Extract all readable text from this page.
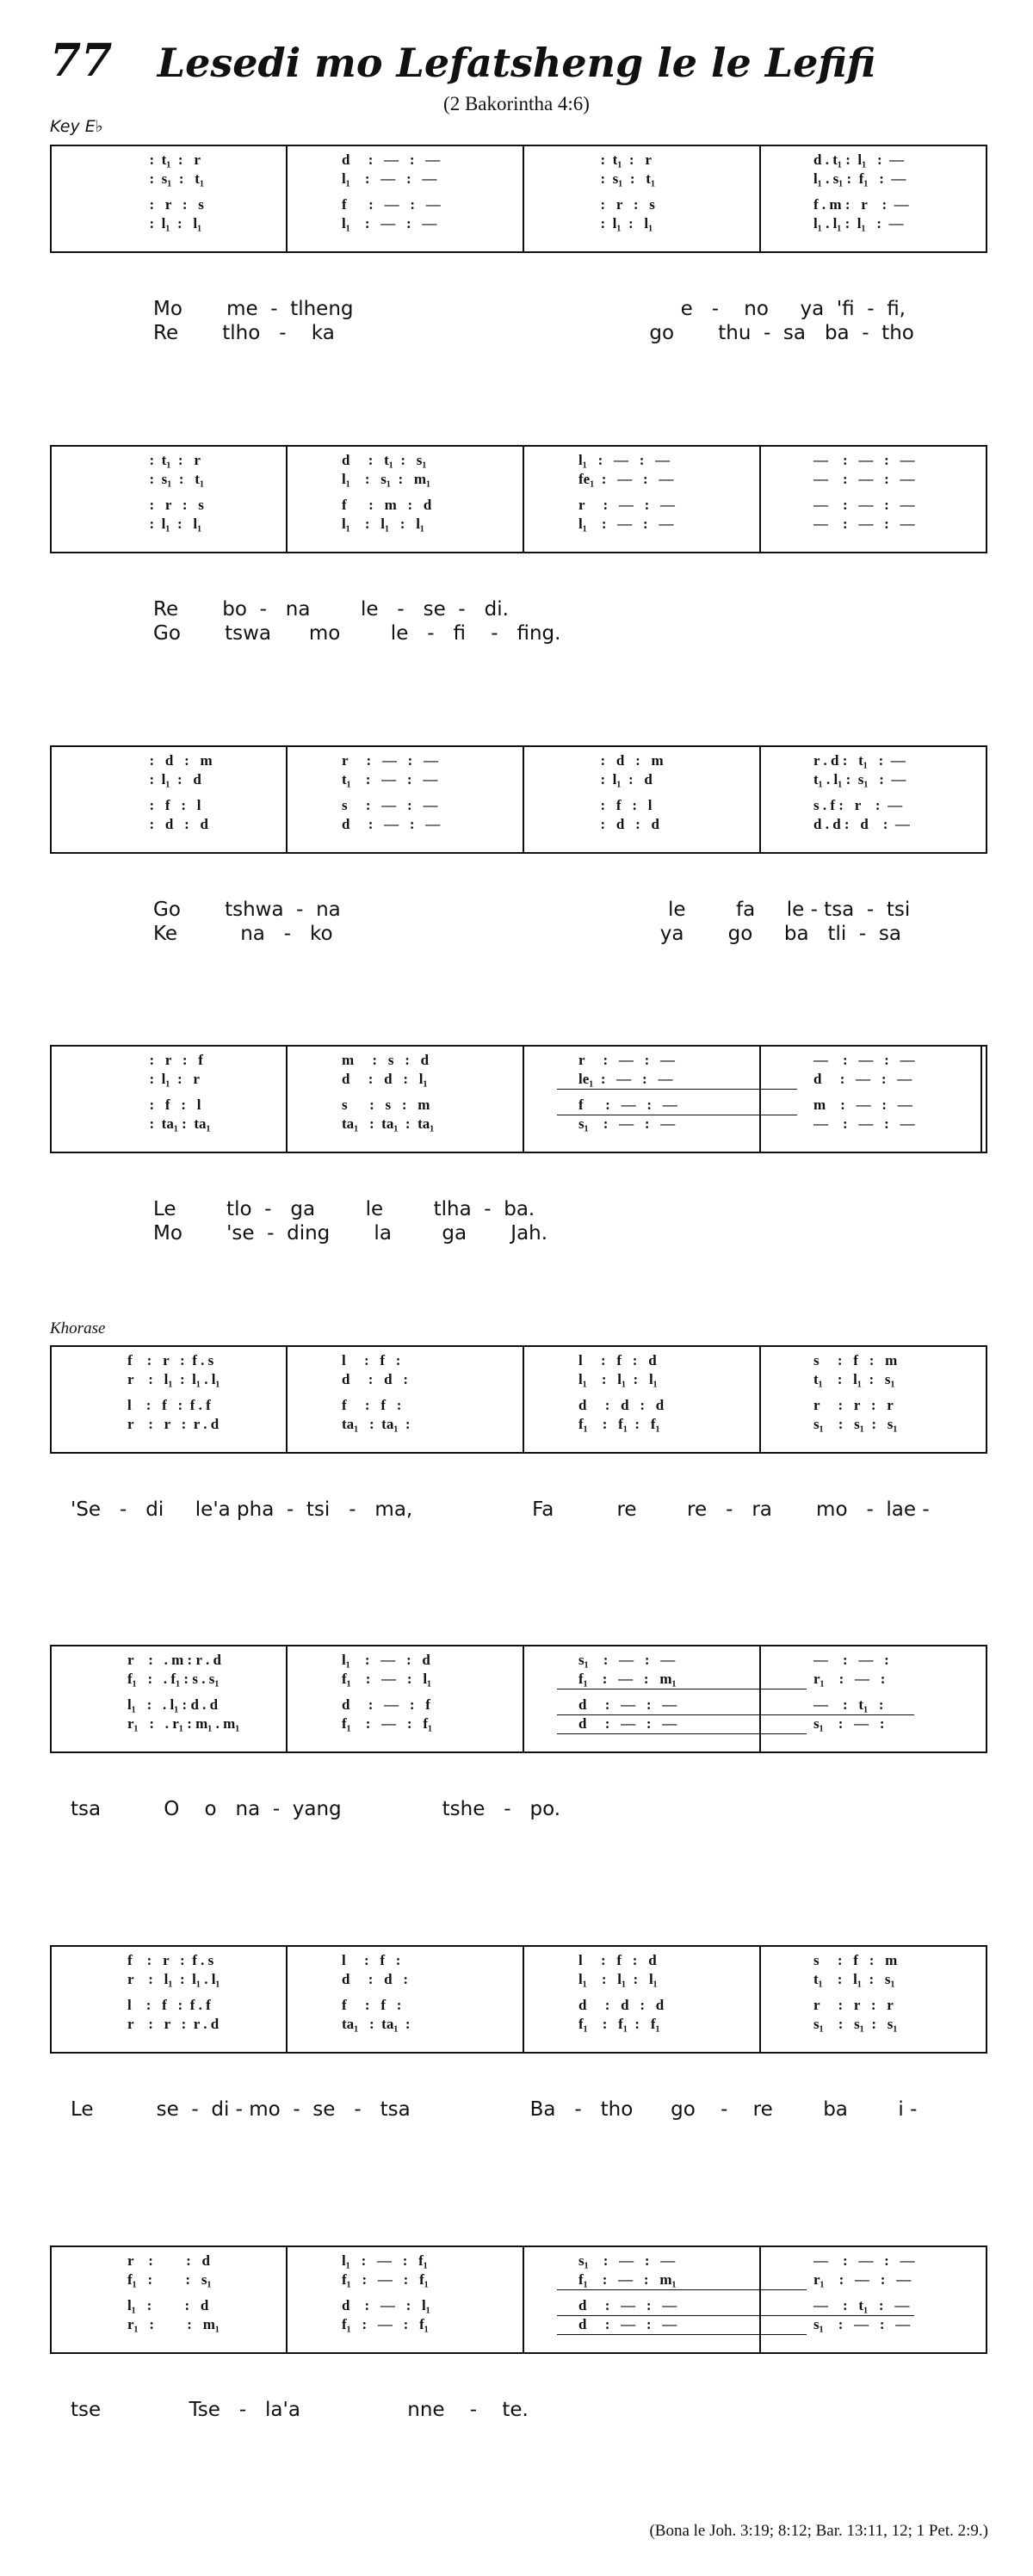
77	Lesedi mo Lefatsheng le le Lefifi
(2 Bakorintha 4:6)
Key E♭
Khorase
:  t₁  :   r
:  s₁  :   t₁
:   r   :   s
:  l₁  :   l₁
d     :   —   :   —
l₁    :   —   :   —
f      :   —   :   —
l₁    :   —   :   —
:  t₁  :   r
:  s₁  :   t₁
:   r   :   s
:  l₁  :   l₁
d . t₁ :  l₁   :  —
l₁ . s₁ :  f₁   :  —
f . m :   r    :  —
l₁ . l₁ :  l₁   :  —
Mo       me  -  tlheng                                                    e   -    no     ya  'fi  -  fi,
Re       tlho   -    ka                                                  go       thu  -  sa   ba  -  tho
:  t₁  :   r
:  s₁  :   t₁
:   r   :   s
:  l₁  :   l₁
d     :   t₁  :   s₁
l₁    :   s₁  :   m₁
f      :   m   :   d
l₁    :   l₁   :   l₁
l₁   :   —   :   —
fe₁  :   —   :   —
r     :   —   :   —
l₁    :   —   :   —
—    :   —   :   —
—    :   —   :   —
—    :   —   :   —
—    :   —   :   —
Re       bo  -   na        le   -   se  -   di.
Go       tswa      mo        le   -   fi    -   fing.
:   d   :   m
:  l₁  :   d
:   f   :   l
:   d   :   d
r     :   —   :   —
t₁    :   —   :   —
s     :   —   :   —
d     :   —   :   —
:   d   :   m
:  l₁  :   d
:   f   :   l
:   d   :   d
r . d :   t₁   :  —
t₁ . l₁ :  s₁   :  —
s . f :   r    :  —
d . d :   d    :  —
Go       tshwa  -  na                                                    le        fa     le - tsa  -  tsi
Ke          na   -   ko                                                    ya       go     ba   tli  -  sa
:   r   :   f
:  l₁  :   r
:   f   :   l
:  ta₁ :  ta₁
m     :   s   :   d
d     :   d   :   l₁
s      :   s   :   m
ta₁   :  ta₁  :  ta₁
r     :   —   :   —
le₁  :   —   :   —
f      :   —   :   —
s₁    :   —   :   —
—    :   —   :   —
d     :   —   :   —
m    :   —   :   —
—    :   —   :   —
Le        tlo  -   ga        le        tlha  -  ba.
Mo       'se  -  ding       la        ga       Jah.
f    :   r   :  f . s
r    :   l₁  :  l₁ . l₁
l    :   f   :  f . f
r    :   r   :  r . d
l     :   f   :
d     :   d   :
f     :   f   :
ta₁   :  ta₁  :
l     :   f   :   d
l₁    :   l₁  :   l₁
d     :   d   :   d
f₁    :   f₁  :   f₁
s     :   f   :   m
t₁    :   l₁  :   s₁
r     :   r   :   r
s₁    :   s₁  :   s₁
'Se   -   di     le'a pha  -  tsi   -   ma,                   Fa          re        re   -   ra       mo   -  lae -
r    :   . m : r . d
f₁   :   . f₁ : s . s₁
l₁   :   . l₁ : d . d
r₁   :   . r₁ : m₁ . m₁
l₁    :   —   :   d
f₁    :   —   :   l₁
d     :   —   :   f
f₁    :   —   :   f₁
s₁    :   —   :   —
f₁    :   —   :   m₁
d     :   —   :   —
d     :   —   :   —
—    :   —   :
r₁    :   —   :
—    :   t₁   :
s₁    :   —   :
tsa          O    o   na  -  yang                tshe   -   po.
f    :   r   :  f . s
r    :   l₁  :  l₁ . l₁
l    :   f   :  f . f
r    :   r   :  r . d
l     :   f   :
d     :   d   :
f     :   f   :
ta₁   :  ta₁  :
l     :   f   :   d
l₁    :   l₁  :   l₁
d     :   d   :   d
f₁    :   f₁  :   f₁
s     :   f   :   m
t₁    :   l₁  :   s₁
r     :   r   :   r
s₁    :   s₁  :   s₁
Le          se  -  di - mo  -  se   -   tsa                   Ba   -   tho      go    -    re        ba        i -
r    :         :   d
f₁   :         :   s₁
l₁   :         :   d
r₁   :         :   m₁
l₁   :   —   :   f₁
f₁   :   —   :   f₁
d    :   —   :   l₁
f₁   :   —   :   f₁
s₁    :   —   :   —
f₁    :   —   :   m₁
d     :   —   :   —
d     :   —   :   —
—    :   —   :   —
r₁    :   —   :   —
—    :   t₁   :   —
s₁    :   —   :   —
tse              Tse   -   la'a                 nne    -    te.
(Bona le Joh. 3:19; 8:12; Bar. 13:11, 12; 1 Pet. 2:9.)
